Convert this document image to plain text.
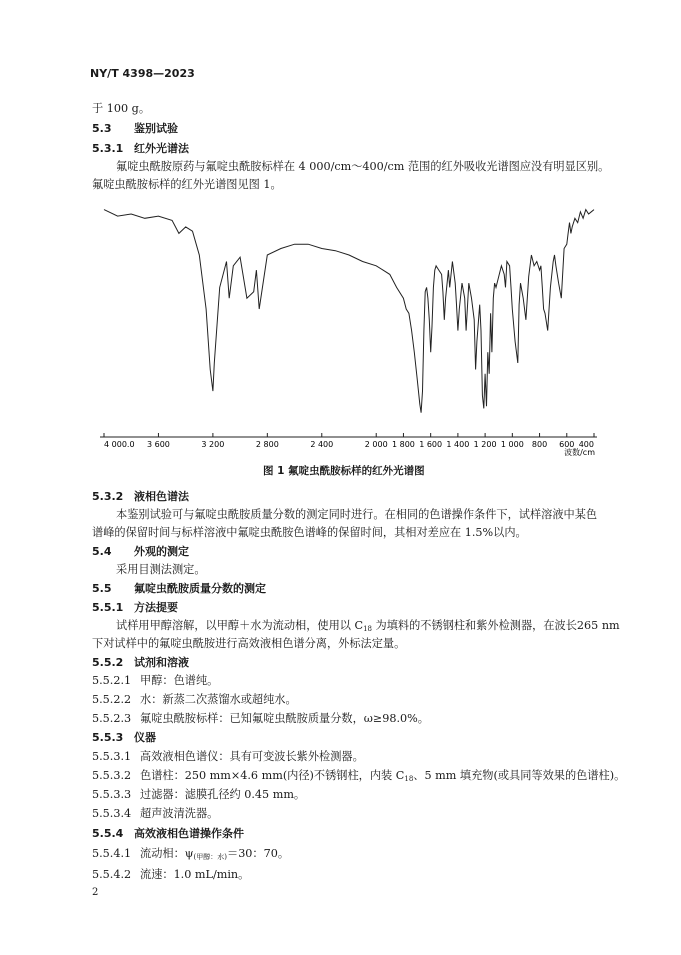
NY/T 4398—2023
于 100 g。
5.3 鉴别试验
5.3.1 红外光谱法
氟啶虫酰胺原药与氟啶虫酰胺标样在 4 000/cm～400/cm 范围的红外吸收光谱图应没有明显区别。
氟啶虫酰胺标样的红外光谱图见图 1。
4 000.0 3 600	3 200	2 800	2 400	2 000 1 800 1 600 1 400 1 200 1 000 800 600 400
波数/cm
图 1 氟啶虫酰胺标样的红外光谱图
5.3.2 液相色谱法
本鉴别试验可与氟啶虫酰胺质量分数的测定同时进行。在相同的色谱操作条件下，试样溶液中某色
谱峰的保留时间与标样溶液中氟啶虫酰胺色谱峰的保留时间，其相对差应在 1.5%以内。
5.4 外观的测定
采用目测法测定。
5.5 氟啶虫酰胺质量分数的测定
5.5.1 方法提要
试样用甲醇溶解，以甲醇＋水为流动相，使用以 $C_{18}$ 为填料的不锈钢柱和紫外检测器，在波长265 nm
下对试样中的氟啶虫酰胺进行高效液相色谱分离，外标法定量。
5.5.2 试剂和溶液
5.5.2.1 甲醇：色谱纯。
5.5.2.2 水：新蒸二次蒸馏水或超纯水。
5.5.2.3 氟啶虫酰胺标样：已知氟啶虫酰胺质量分数，ω≥98.0%。
5.5.3 仪器
5.5.3.1 高效液相色谱仪：具有可变波长紫外检测器。
5.5.3.2 色谱柱：250 mm×4.6 mm(内径)不锈钢柱，内装 $C_{18}$、5 mm 填充物(或具同等效果的色谱柱)。
5.5.3.3 过滤器：滤膜孔径约 0.45 mm。
5.5.3.4 超声波清洗器。
5.5.4 高效液相色谱操作条件
5.5.4.1 流动相：$\psi_{(甲醇:水)}=30$：70。
5.5.4.2 流速：1.0 mL/min。
2
